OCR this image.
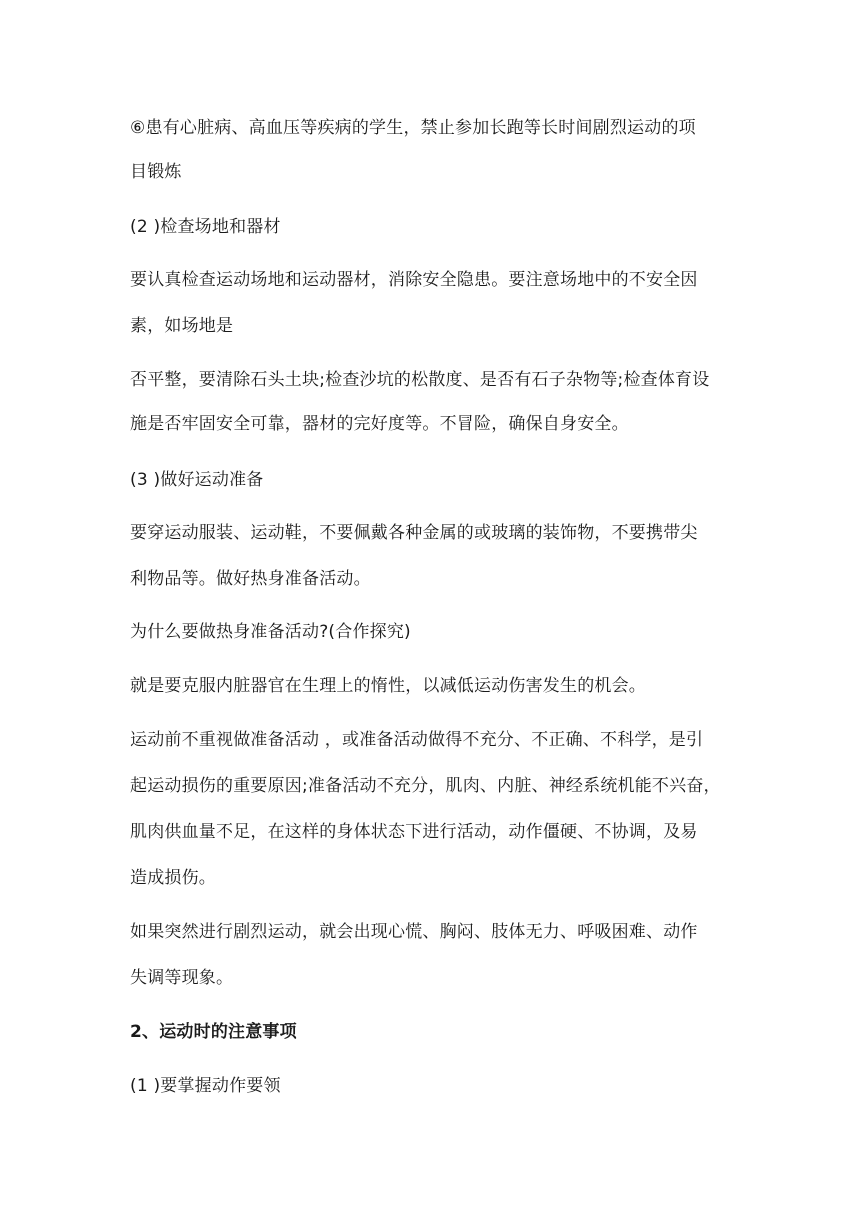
⑥患有心脏病、高血压等疾病的学生，禁止参加长跑等长时间剧烈运动的项
目锻炼
(2 )检查场地和器材
要认真检查运动场地和运动器材，消除安全隐患。要注意场地中的不安全因
素，如场地是
否平整，要清除石头土块;检查沙坑的松散度、是否有石子杂物等;检查体育设
施是否牢固安全可靠，器材的完好度等。不冒险，确保自身安全。
(3 )做好运动准备
要穿运动服装、运动鞋，不要佩戴各种金属的或玻璃的装饰物，不要携带尖
利物品等。做好热身准备活动。
为什么要做热身准备活动?(合作探究)
就是要克服内脏器官在生理上的惰性，以减低运动伤害发生的机会。
运动前不重视做准备活动 ，或准备活动做得不充分、不正确、不科学，是引
起运动损伤的重要原因;准备活动不充分，肌肉、内脏、神经系统机能不兴奋，
肌肉供血量不足，在这样的身体状态下进行活动，动作僵硬、不协调，及易
造成损伤。
如果突然进行剧烈运动，就会出现心慌、胸闷、肢体无力、呼吸困难、动作
失调等现象。
2、运动时的注意事项
(1 )要掌握动作要领
